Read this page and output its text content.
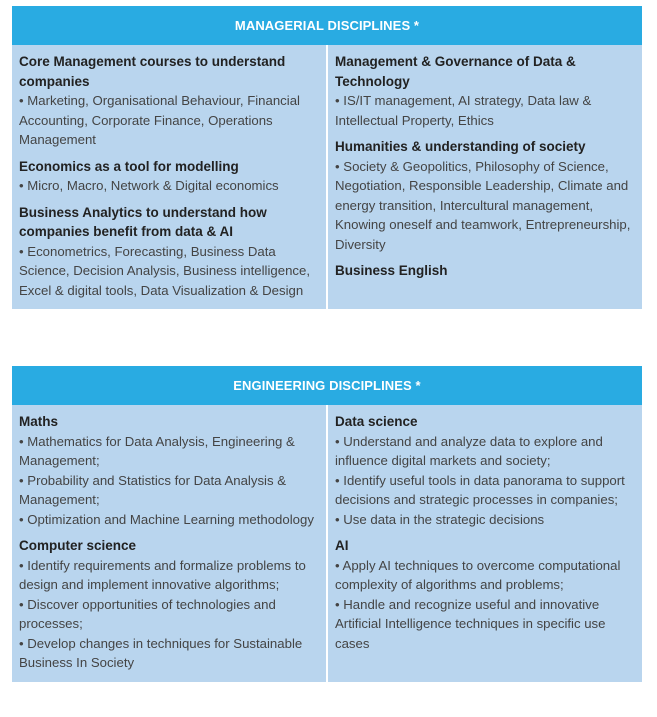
MANAGERIAL DISCIPLINES *
Core Management courses to understand companies
• Marketing, Organisational Behaviour, Financial Accounting, Corporate Finance, Operations Management
Economics as a tool for modelling
• Micro, Macro, Network & Digital economics
Business Analytics to understand how companies benefit from data & AI
• Econometrics, Forecasting, Business Data Science, Decision Analysis, Business intelligence, Excel & digital tools, Data Visualization & Design
Management & Governance of Data & Technology
• IS/IT management, AI strategy, Data law & Intellectual Property, Ethics
Humanities & understanding of society
• Society & Geopolitics, Philosophy of Science, Negotiation, Responsible Leadership, Climate and energy transition, Intercultural management, Knowing oneself and teamwork, Entrepreneurship, Diversity
Business English
ENGINEERING DISCIPLINES *
Maths
• Mathematics for Data Analysis, Engineering & Management;
• Probability and Statistics for Data Analysis & Management;
• Optimization and Machine Learning methodology
Computer science
• Identify requirements and formalize problems to design and implement innovative algorithms;
• Discover opportunities of technologies and processes;
• Develop changes in techniques for Sustainable Business In Society
Data science
• Understand and analyze data to explore and influence digital markets and society;
• Identify useful tools in data panorama to support decisions and strategic processes in companies;
• Use data in the strategic decisions
AI
• Apply AI techniques to overcome computational complexity of algorithms and problems;
• Handle and recognize useful and innovative Artificial Intelligence techniques in specific use cases
